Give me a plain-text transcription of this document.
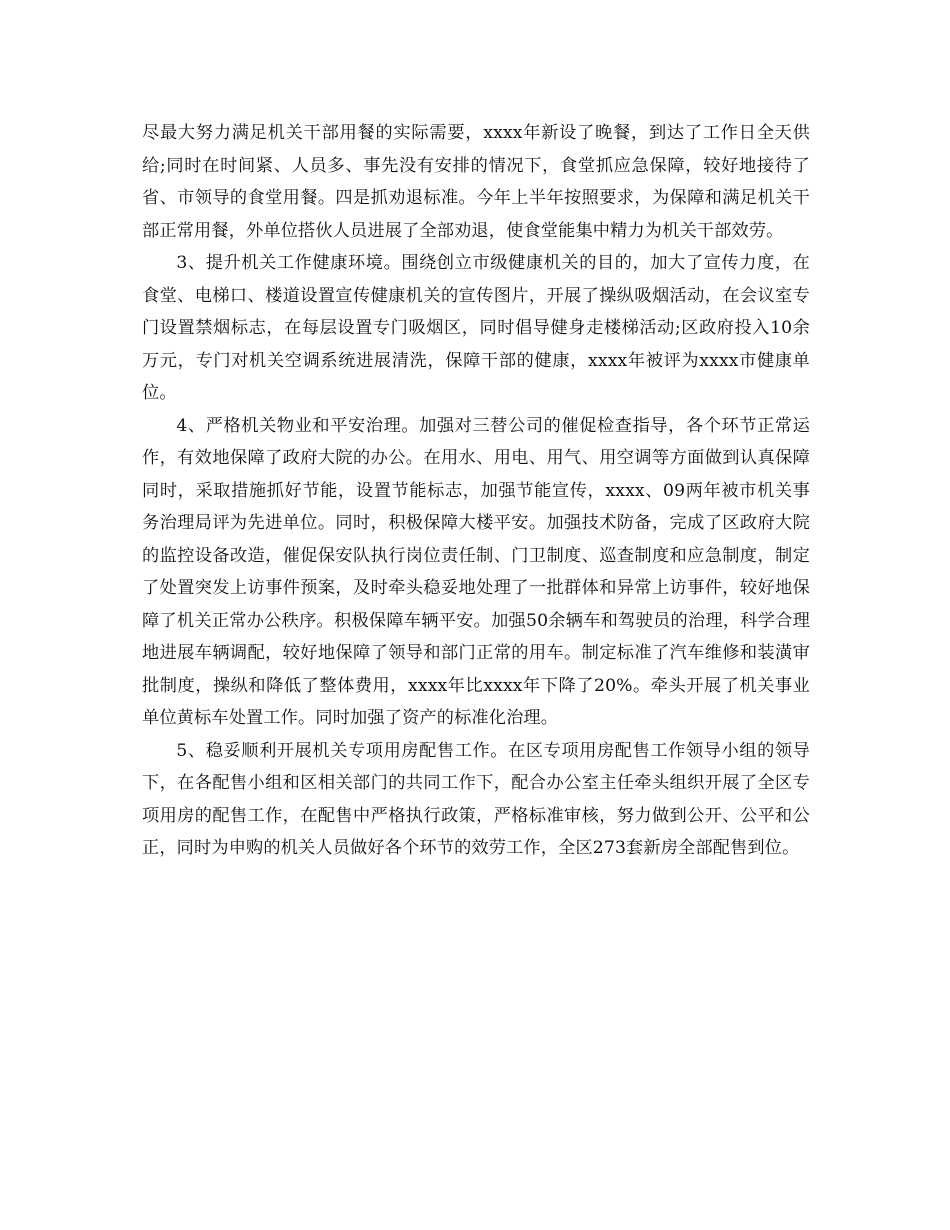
尽最大努力满足机关干部用餐的实际需要，xxxx年新设了晚餐，到达了工作日全天供给;同时在时间紧、人员多、事先没有安排的情况下，食堂抓应急保障，较好地接待了省、市领导的食堂用餐。四是抓劝退标准。今年上半年按照要求，为保障和满足机关干部正常用餐，外单位搭伙人员进展了全部劝退，使食堂能集中精力为机关干部效劳。

3、提升机关工作健康环境。围绕创立市级健康机关的目的，加大了宣传力度，在食堂、电梯口、楼道设置宣传健康机关的宣传图片，开展了操纵吸烟活动，在会议室专门设置禁烟标志，在每层设置专门吸烟区，同时倡导健身走楼梯活动;区政府投入10余万元，专门对机关空调系统进展清洗，保障干部的健康，xxxx年被评为xxxx市健康单位。

4、严格机关物业和平安治理。加强对三替公司的催促检查指导，各个环节正常运作，有效地保障了政府大院的办公。在用水、用电、用气、用空调等方面做到认真保障同时，采取措施抓好节能，设置节能标志，加强节能宣传，xxxx、09两年被市机关事务治理局评为先进单位。同时，积极保障大楼平安。加强技术防备，完成了区政府大院的监控设备改造，催促保安队执行岗位责任制、门卫制度、巡查制度和应急制度，制定了处置突发上访事件预案，及时牵头稳妥地处理了一批群体和异常上访事件，较好地保障了机关正常办公秩序。积极保障车辆平安。加强50余辆车和驾驶员的治理，科学合理地进展车辆调配，较好地保障了领导和部门正常的用车。制定标准了汽车维修和装潢审批制度，操纵和降低了整体费用，xxxx年比xxxx年下降了20%。牵头开展了机关事业单位黄标车处置工作。同时加强了资产的标准化治理。

5、稳妥顺利开展机关专项用房配售工作。在区专项用房配售工作领导小组的领导下，在各配售小组和区相关部门的共同工作下，配合办公室主任牵头组织开展了全区专项用房的配售工作，在配售中严格执行政策，严格标准审核，努力做到公开、公平和公正，同时为申购的机关人员做好各个环节的效劳工作，全区273套新房全部配售到位。
